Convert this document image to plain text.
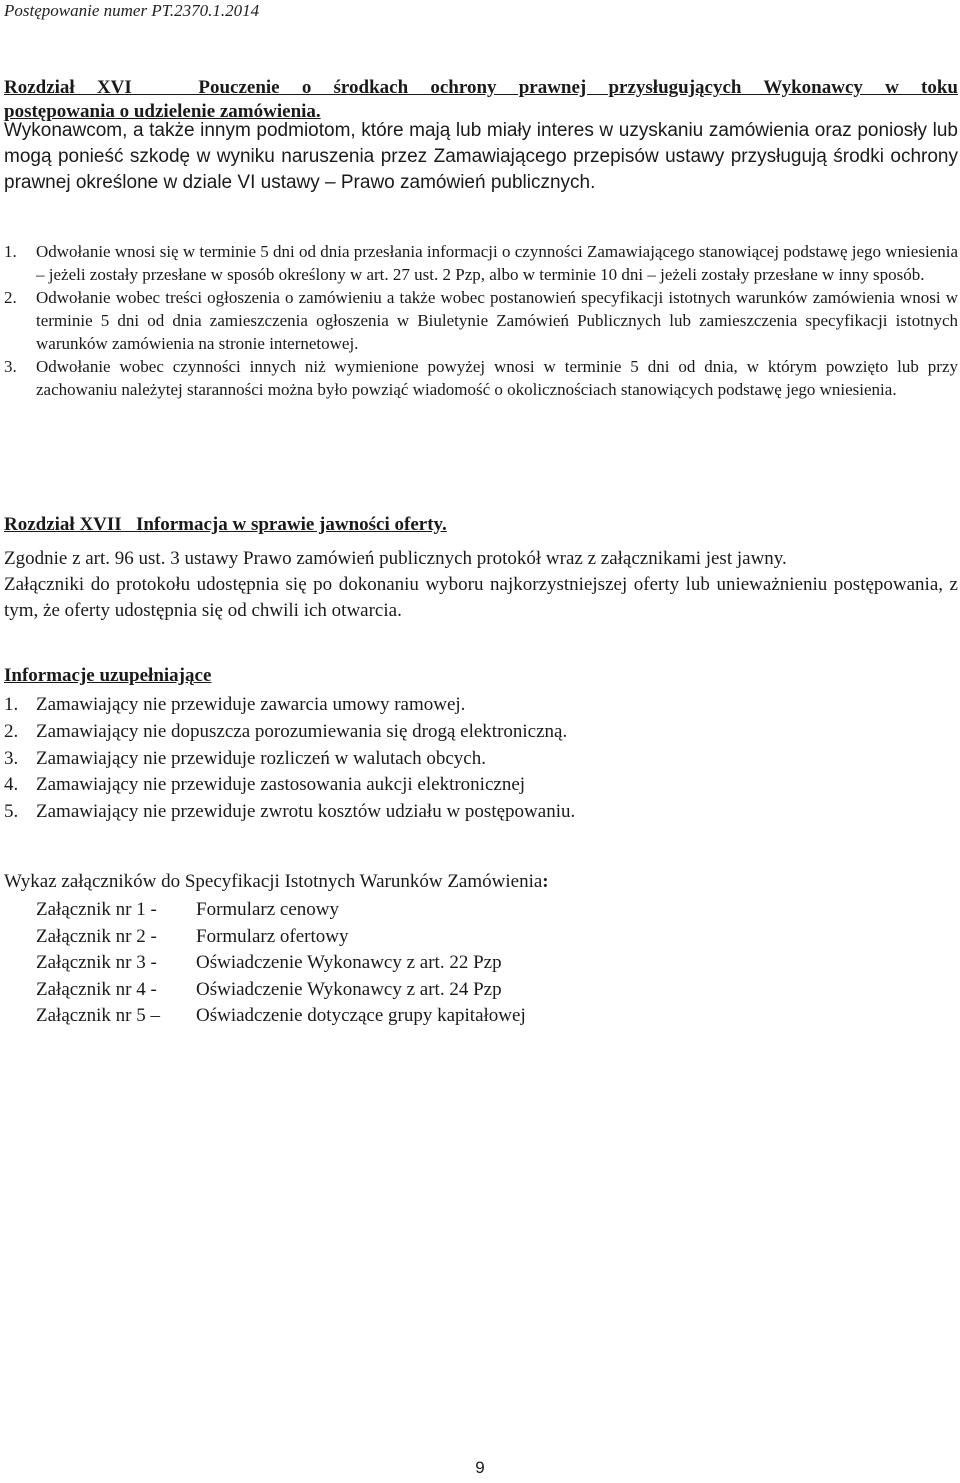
Postępowanie numer PT.2370.1.2014
Rozdział XVI   Pouczenie o środkach ochrony prawnej przysługujących Wykonawcy w toku
postępowania o udzielenie zamówienia.
Wykonawcom, a także innym podmiotom, które mają lub miały interes w uzyskaniu zamówienia oraz poniosły lub mogą ponieść szkodę w wyniku naruszenia przez Zamawiającego przepisów ustawy przysługują środki ochrony prawnej określone w dziale VI ustawy – Prawo zamówień publicznych.
1.	Odwołanie wnosi się w terminie 5 dni od dnia przesłania informacji o czynności Zamawiającego stanowiącej podstawę jego wniesienia – jeżeli zostały przesłane w sposób określony w art. 27 ust. 2 Pzp, albo w terminie 10 dni – jeżeli zostały przesłane w inny sposób.
2.	Odwołanie wobec treści ogłoszenia o zamówieniu a także wobec postanowień specyfikacji istotnych warunków zamówienia wnosi w terminie 5 dni od dnia zamieszczenia ogłoszenia w Biuletynie Zamówień Publicznych lub zamieszczenia specyfikacji istotnych warunków zamówienia na stronie internetowej.
3.	Odwołanie wobec czynności innych niż wymienione powyżej wnosi w terminie 5 dni od dnia, w którym powzięto lub przy zachowaniu należytej staranności można było powziąć wiadomość o okolicznościach stanowiących podstawę jego wniesienia.
Rozdział XVII   Informacja w sprawie jawności oferty.
Zgodnie z art. 96 ust. 3 ustawy Prawo zamówień publicznych protokół wraz z załącznikami jest jawny.
Załączniki do protokołu udostępnia się po dokonaniu wyboru najkorzystniejszej oferty lub unieważnieniu postępowania, z tym, że oferty udostępnia się od chwili ich otwarcia.
Informacje uzupełniające
1. Zamawiający nie przewiduje zawarcia umowy ramowej.
2. Zamawiający nie dopuszcza porozumiewania się drogą elektroniczną.
3. Zamawiający nie przewiduje rozliczeń w walutach obcych.
4. Zamawiający nie przewiduje zastosowania aukcji elektronicznej
5. Zamawiający nie przewiduje zwrotu kosztów udziału w postępowaniu.
Wykaz załączników do Specyfikacji Istotnych Warunków Zamówienia:
Załącznik nr 1 -	Formularz cenowy
Załącznik nr 2 -	Formularz ofertowy
Załącznik nr 3 -	Oświadczenie Wykonawcy z art. 22 Pzp
Załącznik nr 4 -	Oświadczenie Wykonawcy z art. 24 Pzp
Załącznik nr 5 –	Oświadczenie dotyczące grupy kapitałowej
9
